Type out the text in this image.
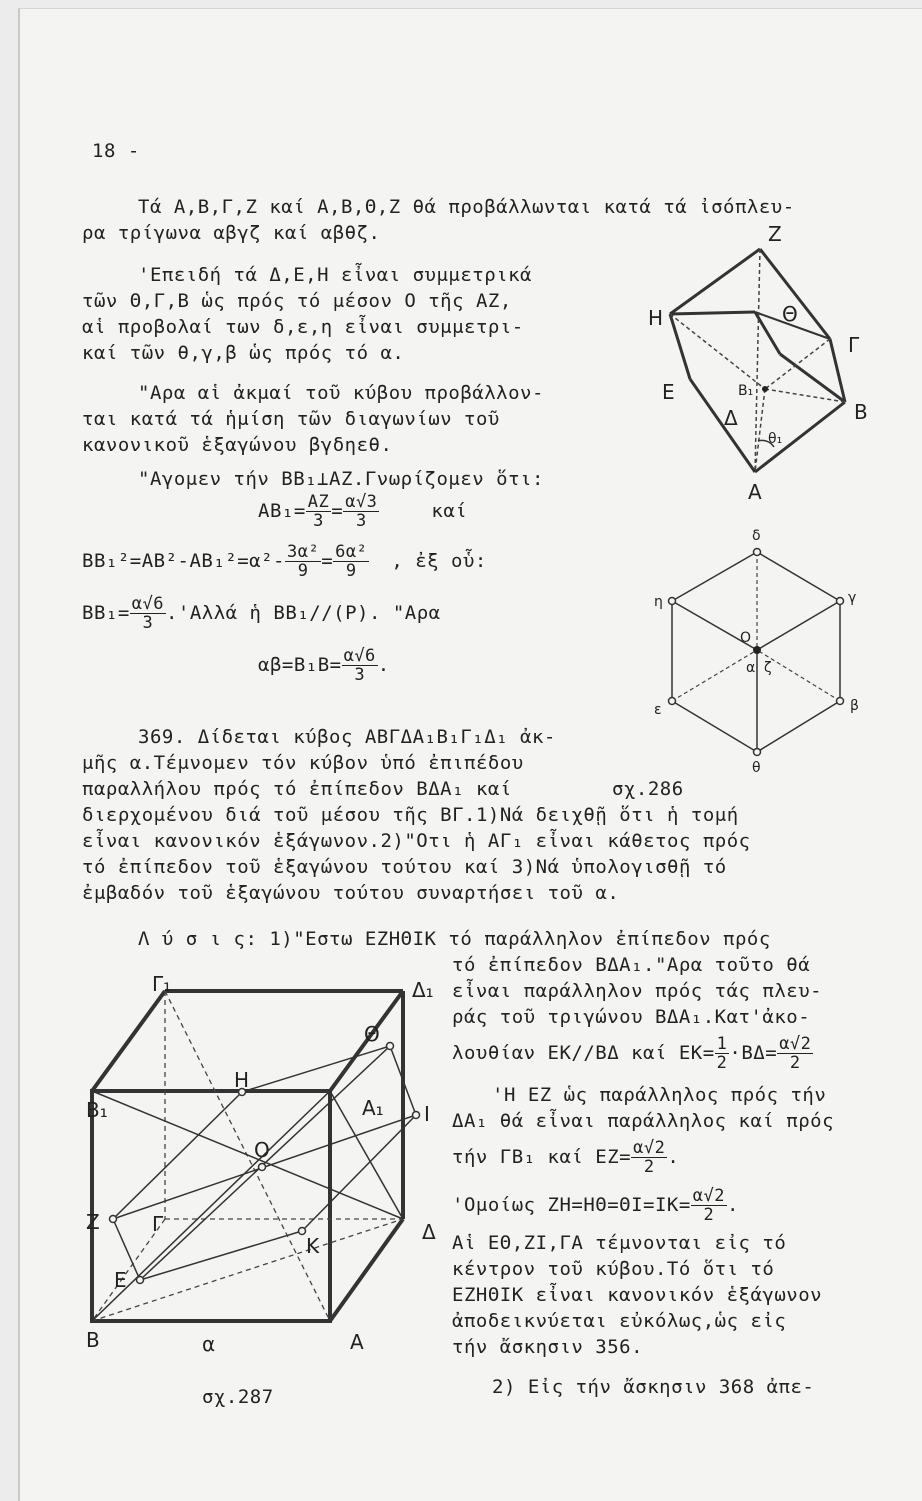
18 -
Τά Α,Β,Γ,Ζ καί Α,Β,Θ,Ζ θά προβάλλωνται κατά τά ἰσόπλευ-
ρα τρίγωνα αβγζ καί αβθζ.
'Επειδή τά Δ,Ε,Η εἶναι συμμετρικά
τῶν Θ,Γ,Β ὡς πρός τό μέσον Ο τῆς ΑΖ,
αἱ προβολαί των δ,ε,η εἶναι συμμετρι-
καί τῶν θ,γ,β ὡς πρός τό α.
"Αρα αἱ ἀκμαί τοῦ κύβου προβάλλον-
ται κατά τά ἡμίση τῶν διαγωνίων τοῦ
κανονικοῦ ἑξαγώνου βγδηεθ.
"Αγομεν τήν ΒΒ₁⊥ΑΖ.Γνωρίζομεν ὅτι:
$AB_1= \frac{AZ}{3} = \frac{\alpha√3}{3}$	καί
$BB_1^2=AB^2-AB_1^2=\alpha^2- \frac{\text{3α²}}{9} = \frac{\text{6α²}}{9}$ , ἐξ οὗ:
$BB_1= \frac{\alpha√6}{3} .'A\lambda\lambda ά$ ἡ ΒΒ₁//(Ρ). "Αρα
$\alpha\beta=B_1B= \frac{\alpha√6}{3}$ .
369. Δίδεται κύβος ΑΒΓΔΑ₁Β₁Γ₁Δ₁ ἀκ-
μῆς α.Τέμνομεν τόν κύβον ὑπό ἐπιπέδου
παραλλήλου πρός τό ἐπίπεδον ΒΔΑ₁ καί	σχ.286
διερχομένου διά τοῦ μέσου τῆς ΒΓ.1)Νά δειχθῇ ὅτι ἡ τομή
εἶναι κανονικόν ἑξάγωνον.2)"Οτι ἡ ΑΓ₁ εἶναι κάθετος πρός
τό ἐπίπεδον τοῦ ἑξαγώνου τούτου καί 3)Νά ὑπολογισθῇ τό
ἐμβαδόν τοῦ ἑξαγώνου τούτου συναρτήσει τοῦ α.
Λ ύ σ ι ς: 1)"Εστω ΕΖΗΘΙΚ τό παράλληλον ἐπίπεδον πρός
τό ἐπίπεδον ΒΔΑ₁."Αρα τοῦτο θά
εἶναι παράλληλον πρός τάς πλευ-
ράς τοῦ τριγώνου ΒΔΑ₁.Κατ'ἀκο-
λουθίαν ΕΚ//ΒΔ καί $EK= \frac{1}{2} \cdot B\Delta= \frac{\alpha√2}{2}$
'Η ΕΖ ὡς παράλληλος πρός τήν
ΔΑ₁ θά εἶναι παράλληλος καί πρός
τήν ΓΒ₁ καί $EZ= \frac{\alpha√2}{2}$ .
'Ομοίως $ZH=H\Theta=\Theta I=IK= \frac{\alpha√2}{2}$ .
Αἱ ΕΘ,ΖΙ,ΓΑ τέμνονται εἰς τό
κέντρον τοῦ κύβου.Τό ὅτι τό
ΕΖΗΘΙΚ εἶναι κανονικόν ἑξάγωνον
ἀποδεικνύεται εὐκόλως,ὡς εἰς
τήν ἄσκησιν 356.
2) Εἰς τήν ἄσκησιν 368 ἀπε-
σχ.287
Z
H	Θ
Γ
E	B₁
Δ	B
θ₁
A
δ
η	γ
O
α ζ
ε	β
θ
Γ₁	Δ₁
Θ
B₁
H
A₁ I
O
Z	Γ
K
Δ
E
B	α	A
